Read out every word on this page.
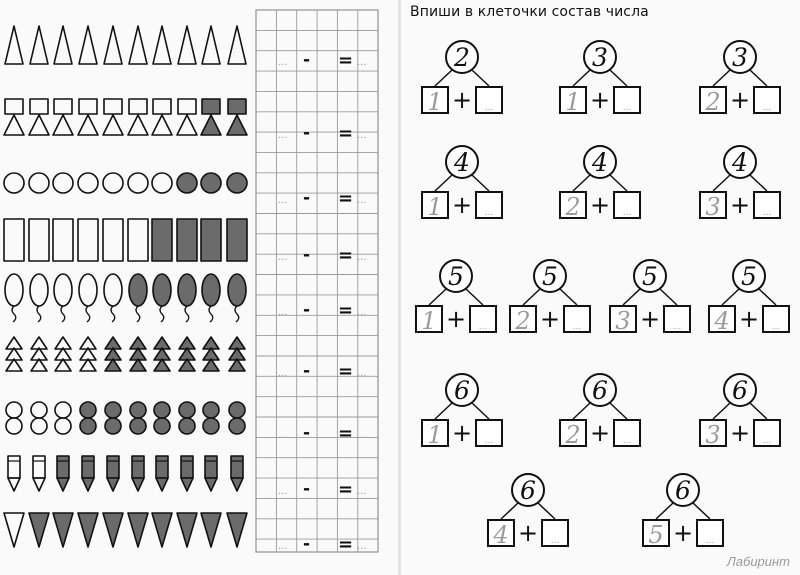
... - = ...
... - = ...
... - = ...
... - = ...
... - = ...
... - = ...
... - = ...
... - = ...
... - = ...
2
1 + ...
3
1 + ...
3
2 + ...
4
1 + ...
4
2 + ...
4
3 + ...
5
1 + ...
5
2 + ...
5
3 + ...
5
4 + ...
6
1 + ...
6
2 + ...
6
3 + ...
6
4 + ...
6
5 + ...
Впиши в клеточки состав числа
Лабиринт
